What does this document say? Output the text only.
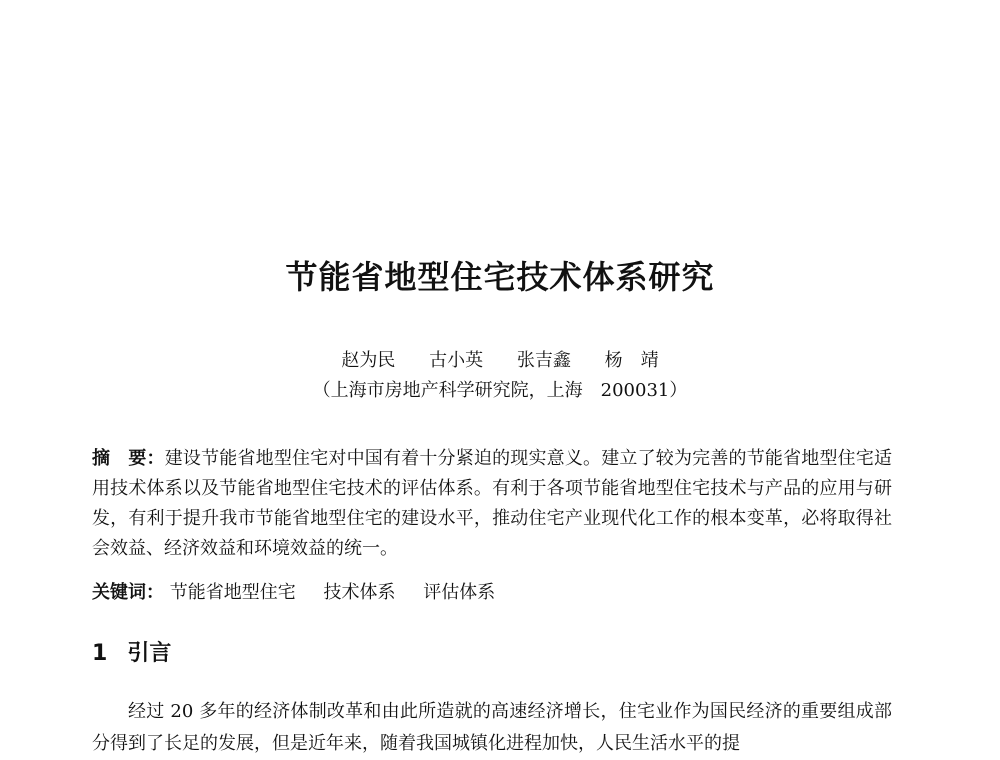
节能省地型住宅技术体系研究
赵为民 古小英 张吉鑫 杨　靖
（上海市房地产科学研究院，上海　200031）
摘　要：建设节能省地型住宅对中国有着十分紧迫的现实意义。建立了较为完善的节能省地型住宅适用技术体系以及节能省地型住宅技术的评估体系。有利于各项节能省地型住宅技术与产品的应用与研发，有利于提升我市节能省地型住宅的建设水平，推动住宅产业现代化工作的根本变革，必将取得社会效益、经济效益和环境效益的统一。
关键词： 节能省地型住宅 技术体系 评估体系
1 引言
经过 20 多年的经济体制改革和由此所造就的高速经济增长，住宅业作为国民经济的重要组成部分得到了长足的发展，但是近年来，随着我国城镇化进程加快，人民生活水平的提
